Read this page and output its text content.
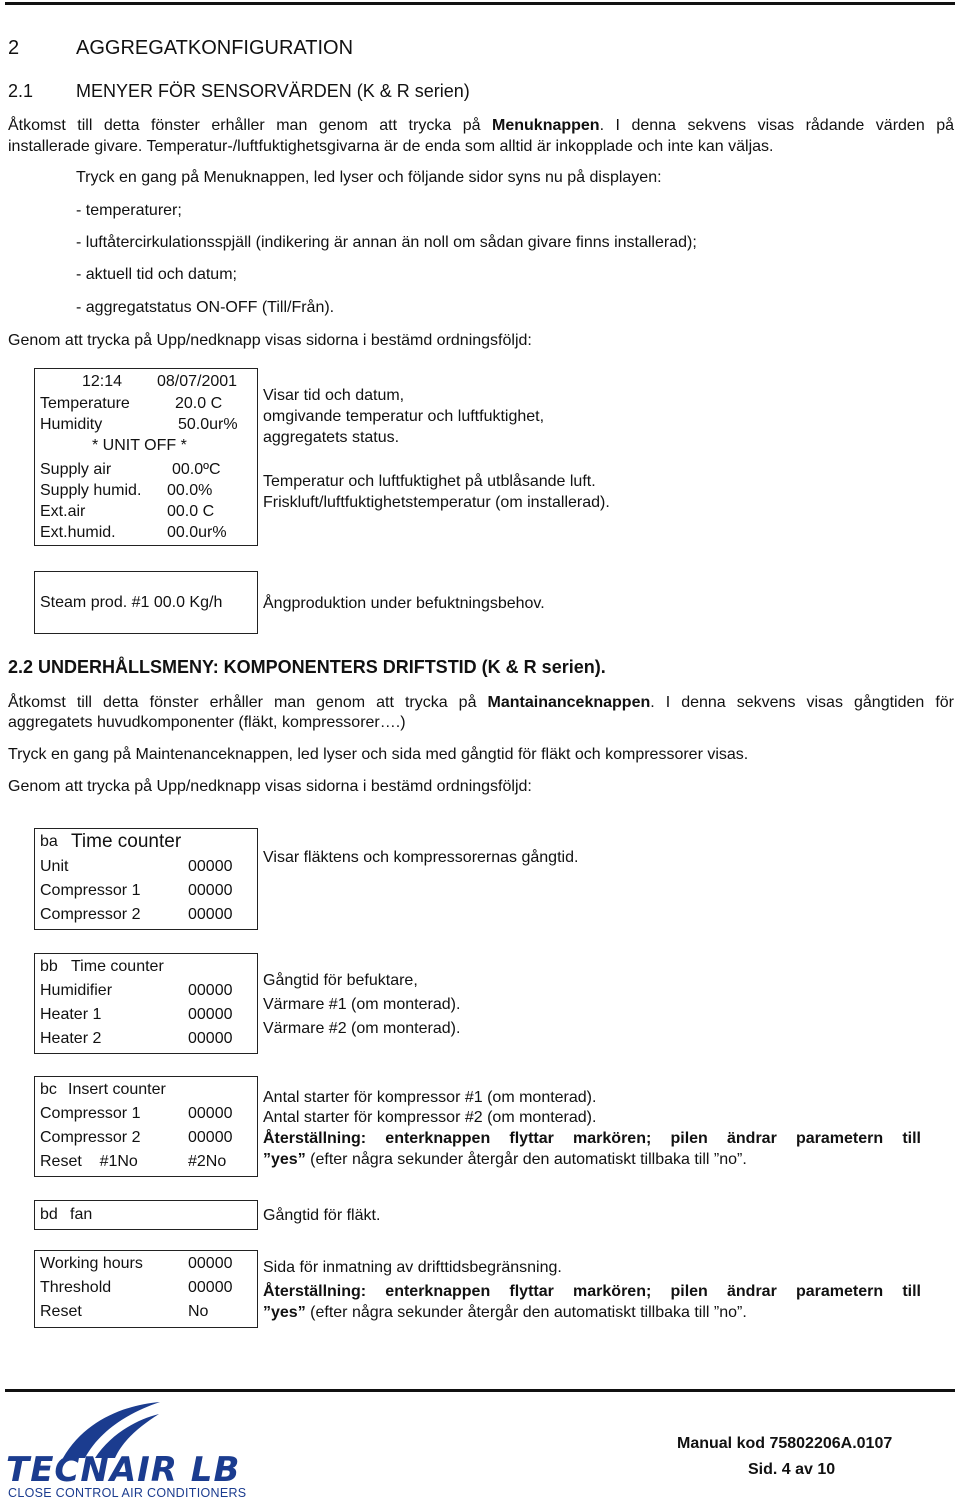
2	AGGREGATKONFIGURATION
2.1 MENYER FÖR SENSORVÄRDEN (K & R serien)
Åtkomst till detta fönster erhåller man genom att trycka på Menuknappen. I denna sekvens visas rådande värden på
installerade givare. Temperatur-/luftfuktighetsgivarna är de enda som alltid är inkopplade och inte kan väljas.
Tryck en gang på Menuknappen, led lyser och följande sidor syns nu på displayen:
- temperaturer;
- luftåtercirkulationsspjäll (indikering är annan än noll om sådan givare finns installerad);
- aktuell tid och datum;
- aggregatstatus ON-OFF (Till/Från).
Genom att trycka på Upp/nedknapp visas sidorna i bestämd ordningsföljd:
12:14 08/07/2001
Temperature	20.0 C
Humidity	50.0ur%
* UNIT OFF *
Supply air	00.0ºC
Supply humid. 00.0%
Ext.air	00.0 C
Ext.humid.	00.0ur%
Visar tid och datum,
omgivande temperatur och luftfuktighet,
aggregatets status.
Temperatur och luftfuktighet på utblåsande luft.
Friskluft/luftfuktighetstemperatur (om installerad).
Steam prod. #1 00.0 Kg/h	Ångproduktion under befuktningsbehov.
2.2 UNDERHÅLLSMENY: KOMPONENTERS DRIFTSTID (K & R serien).
Åtkomst till detta fönster erhåller man genom att trycka på Mantainanceknappen. I denna sekvens visas gångtiden för
aggregatets huvudkomponenter (fläkt, kompressorer….)
Tryck en gang på Maintenanceknappen, led lyser och sida med gångtid för fläkt och kompressorer visas.
Genom att trycka på Upp/nedknapp visas sidorna i bestämd ordningsföljd:
ba Time counter
Unit	00000
Compressor 1	00000
Compressor 2	00000
Visar fläktens och kompressorernas gångtid.
bb Time counter
Humidifier	00000
Heater 1	00000
Heater 2	00000
Gångtid för befuktare,
Värmare #1 (om monterad).
Värmare #2 (om monterad).
bc Insert counter
Compressor 1	00000
Compressor 2	00000
Reset    #1No	#2No
Antal starter för kompressor #1 (om monterad).
Antal starter för kompressor #2 (om monterad).
Återställning: enterknappen flyttar markören; pilen ändrar parametern till
”yes” (efter några sekunder återgår den automatiskt tillbaka till ”no”.
bd fan	Gångtid för fläkt.
Working hours	00000
Threshold	00000
Reset	No
Sida för inmatning av drifttidsbegränsning.
Återställning: enterknappen flyttar markören; pilen ändrar parametern till
”yes” (efter några sekunder återgår den automatiskt tillbaka till ”no”.
TECNAIR LB
CLOSE CONTROL AIR CONDITIONERS
Manual kod 75802206A.0107
Sid. 4 av 10
